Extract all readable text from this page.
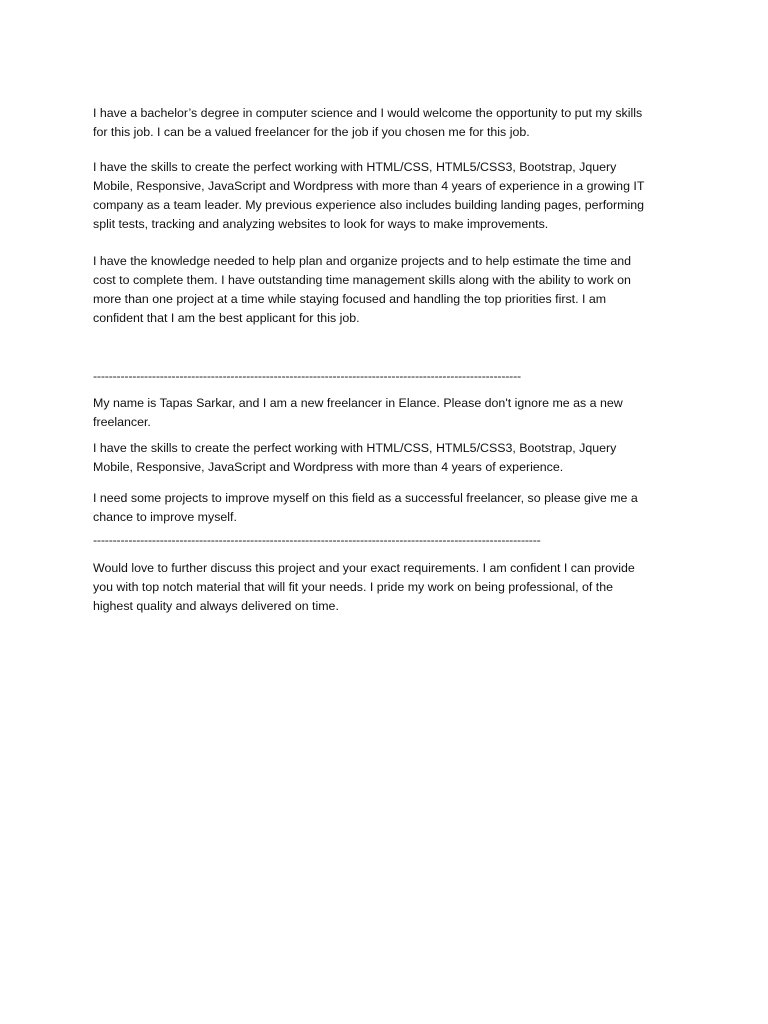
I have a bachelor’s degree in computer science and I would welcome the opportunity to put my skills
for this job. I can be a valued freelancer for the job if you chosen me for this job.

I have the skills to create the perfect working with HTML/CSS, HTML5/CSS3, Bootstrap, Jquery
Mobile, Responsive, JavaScript and Wordpress with more than 4 years of experience in a growing IT
company as a team leader. My previous experience also includes building landing pages, performing
split tests, tracking and analyzing websites to look for ways to make improvements.

I have the knowledge needed to help plan and organize projects and to help estimate the time and
cost to complete them. I have outstanding time management skills along with the ability to work on
more than one project at a time while staying focused and handling the top priorities first. I am
confident that I am the best applicant for this job.

-------------------------------------------------------------------------------------------------------------

My name is Tapas Sarkar, and I am a new freelancer in Elance. Please don't ignore me as a new
freelancer.

I have the skills to create the perfect working with HTML/CSS, HTML5/CSS3, Bootstrap, Jquery
Mobile, Responsive, JavaScript and Wordpress with more than 4 years of experience.

I need some projects to improve myself on this field as a successful freelancer, so please give me a
chance to improve myself.

------------------------------------------------------------------------------------------------------------------

Would love to further discuss this project and your exact requirements. I am confident I can provide
you with top notch material that will fit your needs. I pride my work on being professional, of the
highest quality and always delivered on time.
